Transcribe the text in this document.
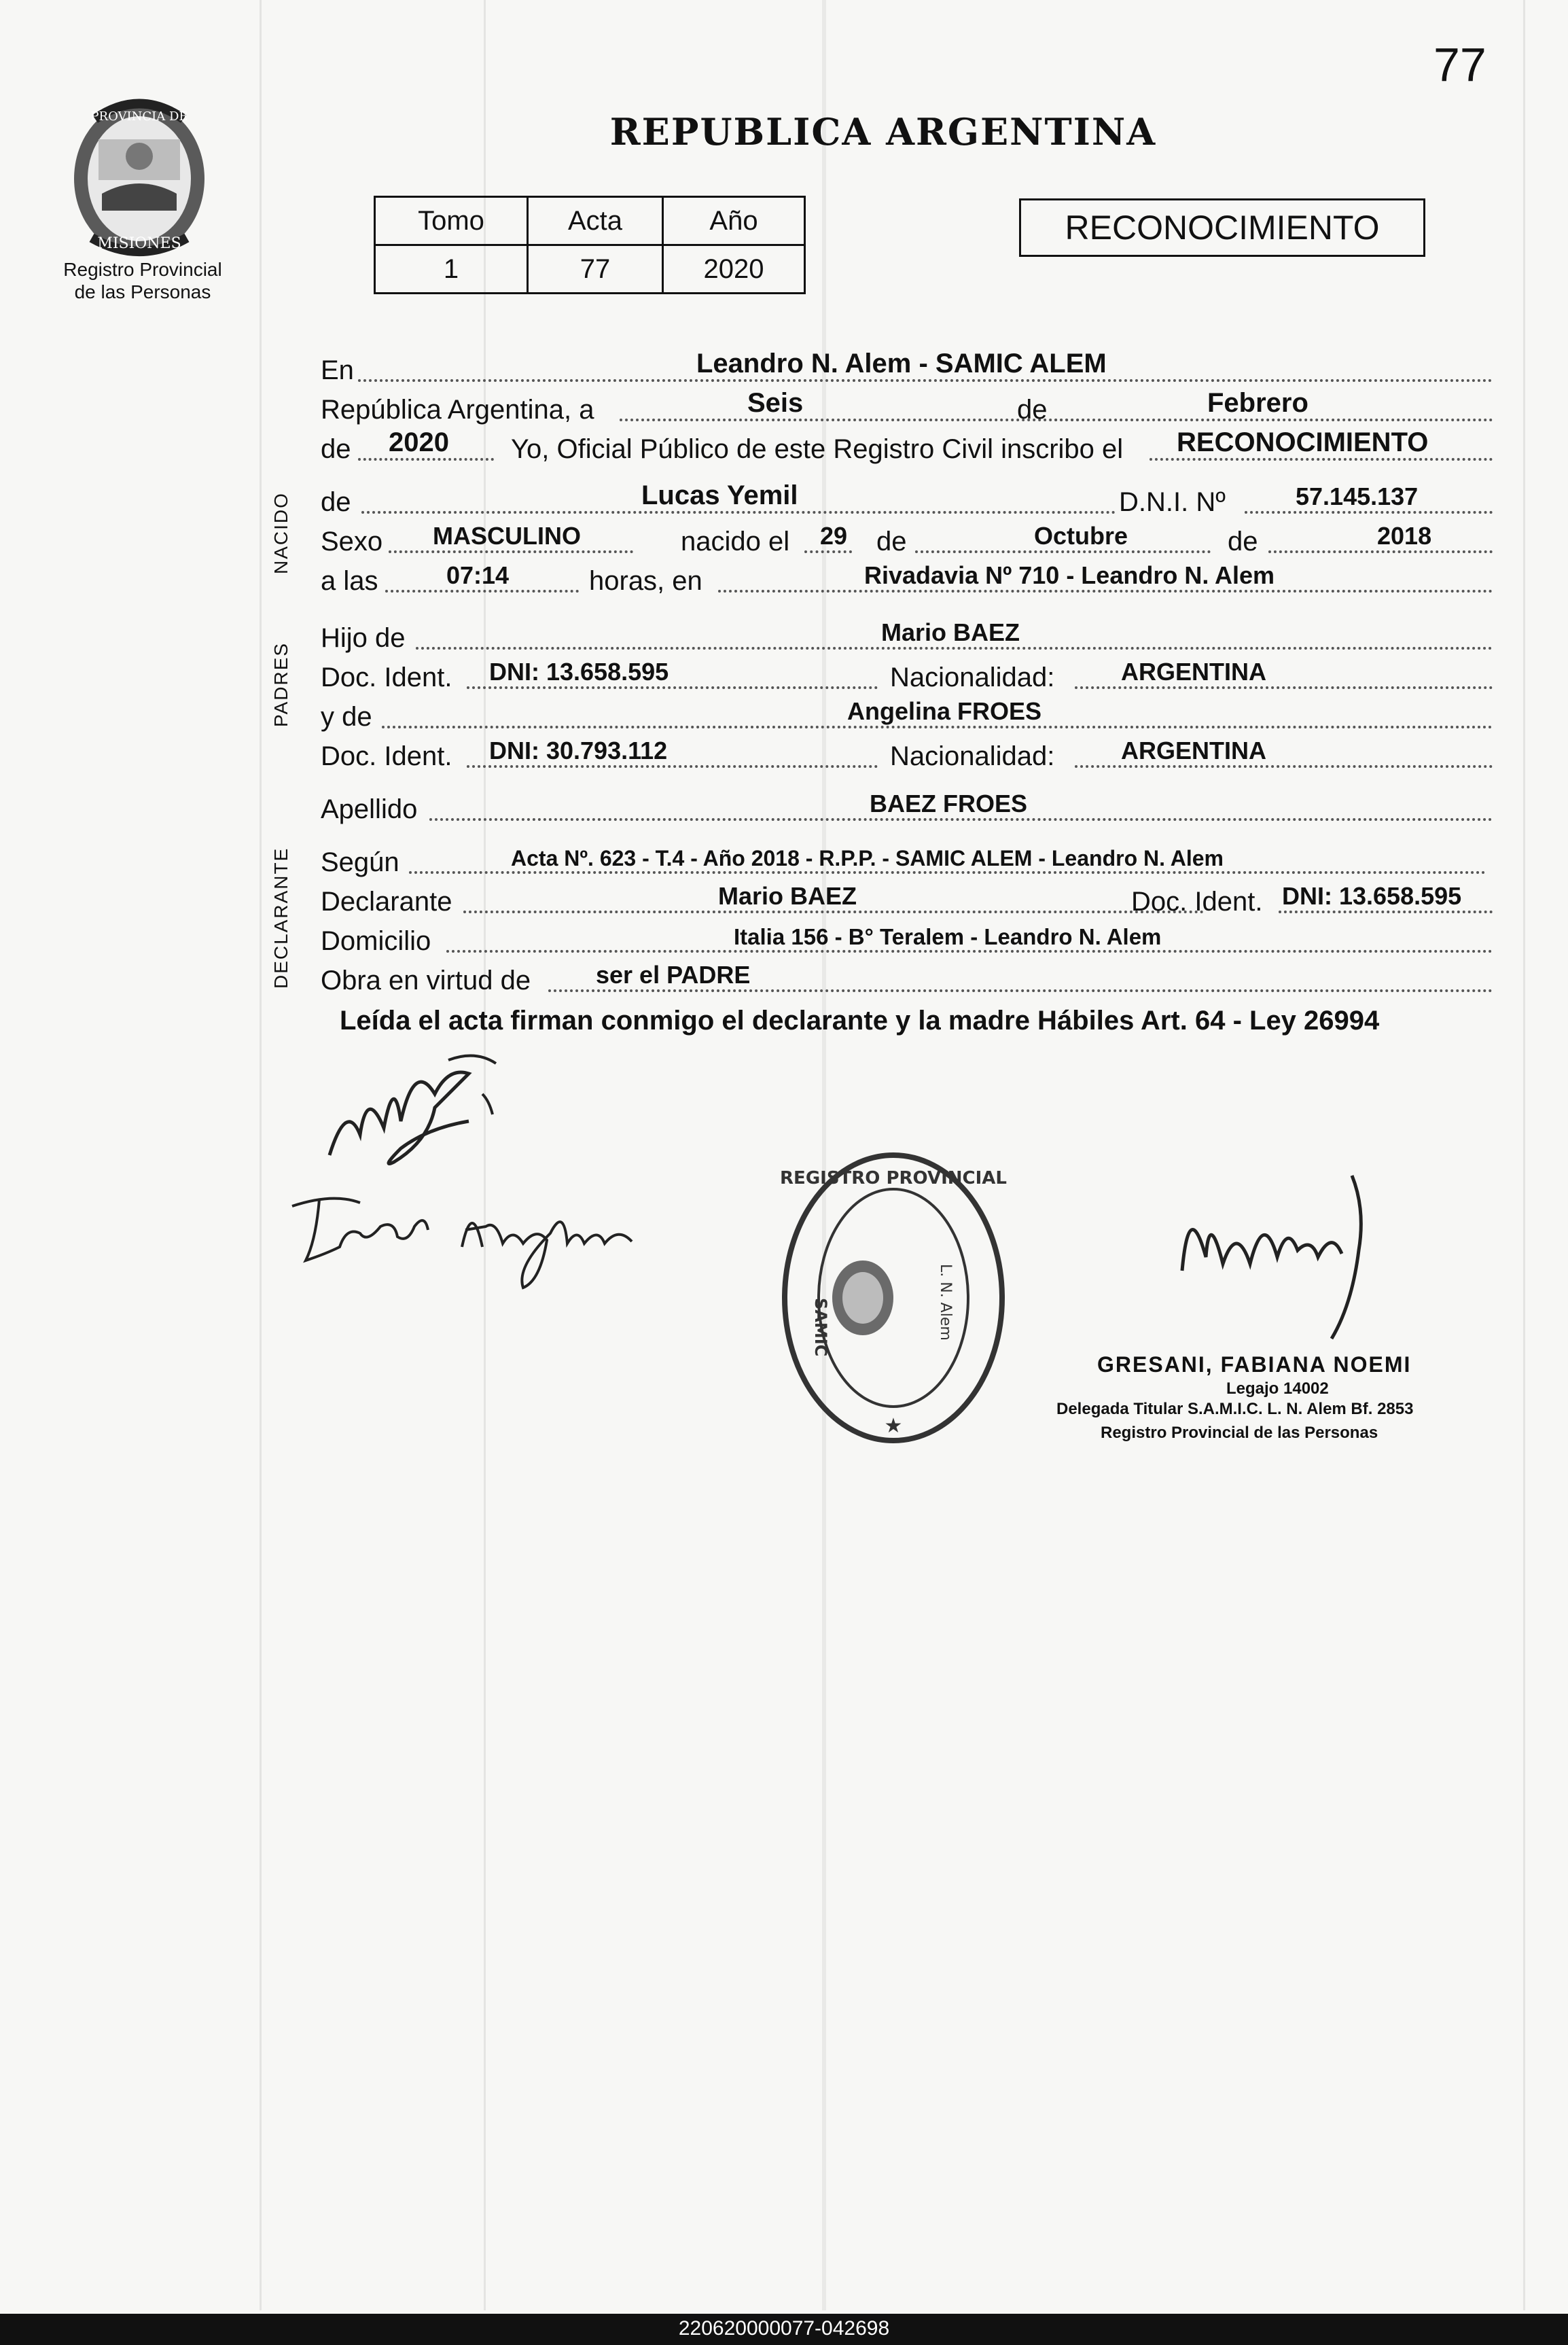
77
PROVINCIA DE
MISIONES
Registro Provincial
de las Personas
REPUBLICA ARGENTINA
Tomo	Acta	Año
1	77	2020
RECONOCIMIENTO
En	Leandro N. Alem - SAMIC ALEM
República Argentina, a	Seis	de	Febrero
de 2020 Yo, Oficial Público de este Registro Civil inscribo el RECONOCIMIENTO
NACIDO de	Lucas Yemil	D.N.I. Nº	57.145.137
Sexo MASCULINO	nacido el 29 de	Octubre	de	2018
a las	07:14	horas, en	Rivadavia Nº 710 - Leandro N. Alem
PADRES
Hijo de	Mario BAEZ
Doc. Ident. DNI: 13.658.595	Nacionalidad:	ARGENTINA
y de	Angelina FROES
Doc. Ident. DNI: 30.793.112	Nacionalidad:	ARGENTINA
Apellido	BAEZ FROES
DECLARANTE Según	Acta Nº. 623 - T.4 - Año 2018 - R.P.P. - SAMIC ALEM - Leandro N. Alem
Declarante	Mario BAEZ	Doc. Ident. DNI: 13.658.595
Domicilio	Italia 156 - B° Teralem - Leandro N. Alem
Obra en virtud de	ser el PADRE
Leída el acta firman conmigo el declarante y la madre Hábiles Art. 64 - Ley 26994
REGISTRO PROVINCIAL
★
SAMIC	L. N. Alem
GRESANI, FABIANA NOEMI
Legajo 14002
Delegada Titular S.A.M.I.C. L. N. Alem Bf. 2853
Registro Provincial de las Personas
220620000077-042698
